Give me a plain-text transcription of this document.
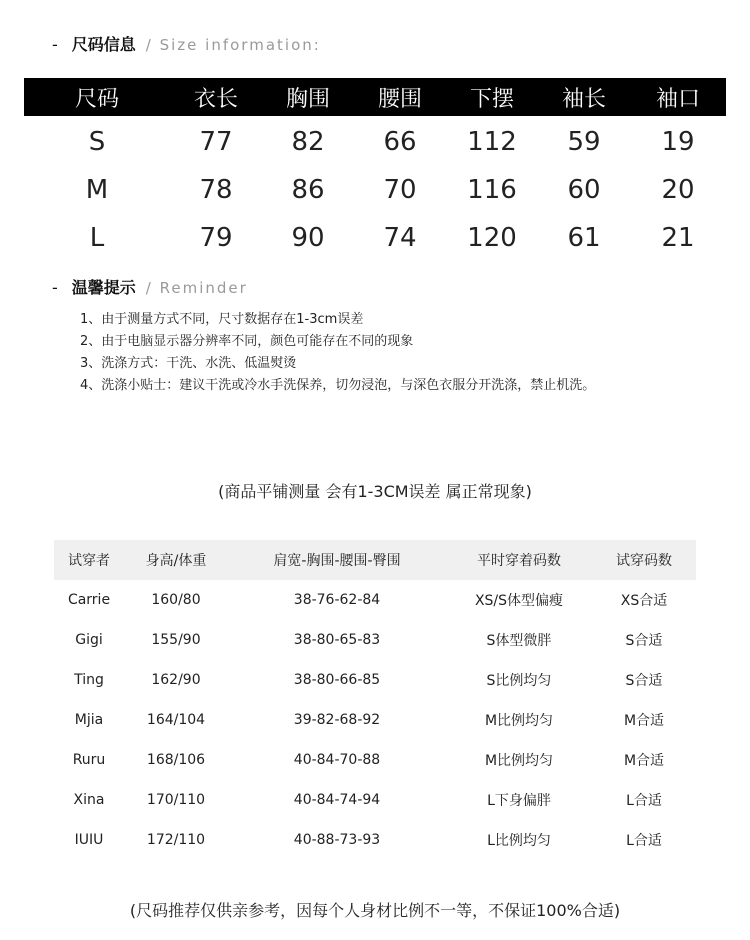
- 尺码信息 / Size information:
尺码	衣长	胸围	腰围	下摆	袖长	袖口
S	77	82	66	112	59	19
M	78	86	70	116	60	20
L	79	90	74	120	61	21
- 温馨提示 / Reminder
1、由于测量方式不同，尺寸数据存在1-3cm误差
2、由于电脑显示器分辨率不同，颜色可能存在不同的现象
3、洗涤方式：干洗、水洗、低温熨烫
4、洗涤小贴士：建议干洗或冷水手洗保养，切勿浸泡，与深色衣服分开洗涤，禁止机洗。
(商品平铺测量 会有1-3CM误差 属正常现象)
试穿者	身高/体重	肩宽-胸围-腰围-臀围	平时穿着码数	试穿码数
Carrie	160/80	38-76-62-84	XS/S体型偏瘦	XS合适
Gigi	155/90	38-80-65-83	S体型微胖	S合适
Ting	162/90	38-80-66-85	S比例均匀	S合适
Mjia	164/104	39-82-68-92	M比例均匀	M合适
Ruru	168/106	40-84-70-88	M比例均匀	M合适
Xina	170/110	40-84-74-94	L下身偏胖	L合适
IUIU	172/110	40-88-73-93	L比例均匀	L合适
(尺码推荐仅供亲参考，因每个人身材比例不一等，不保证100%合适)
